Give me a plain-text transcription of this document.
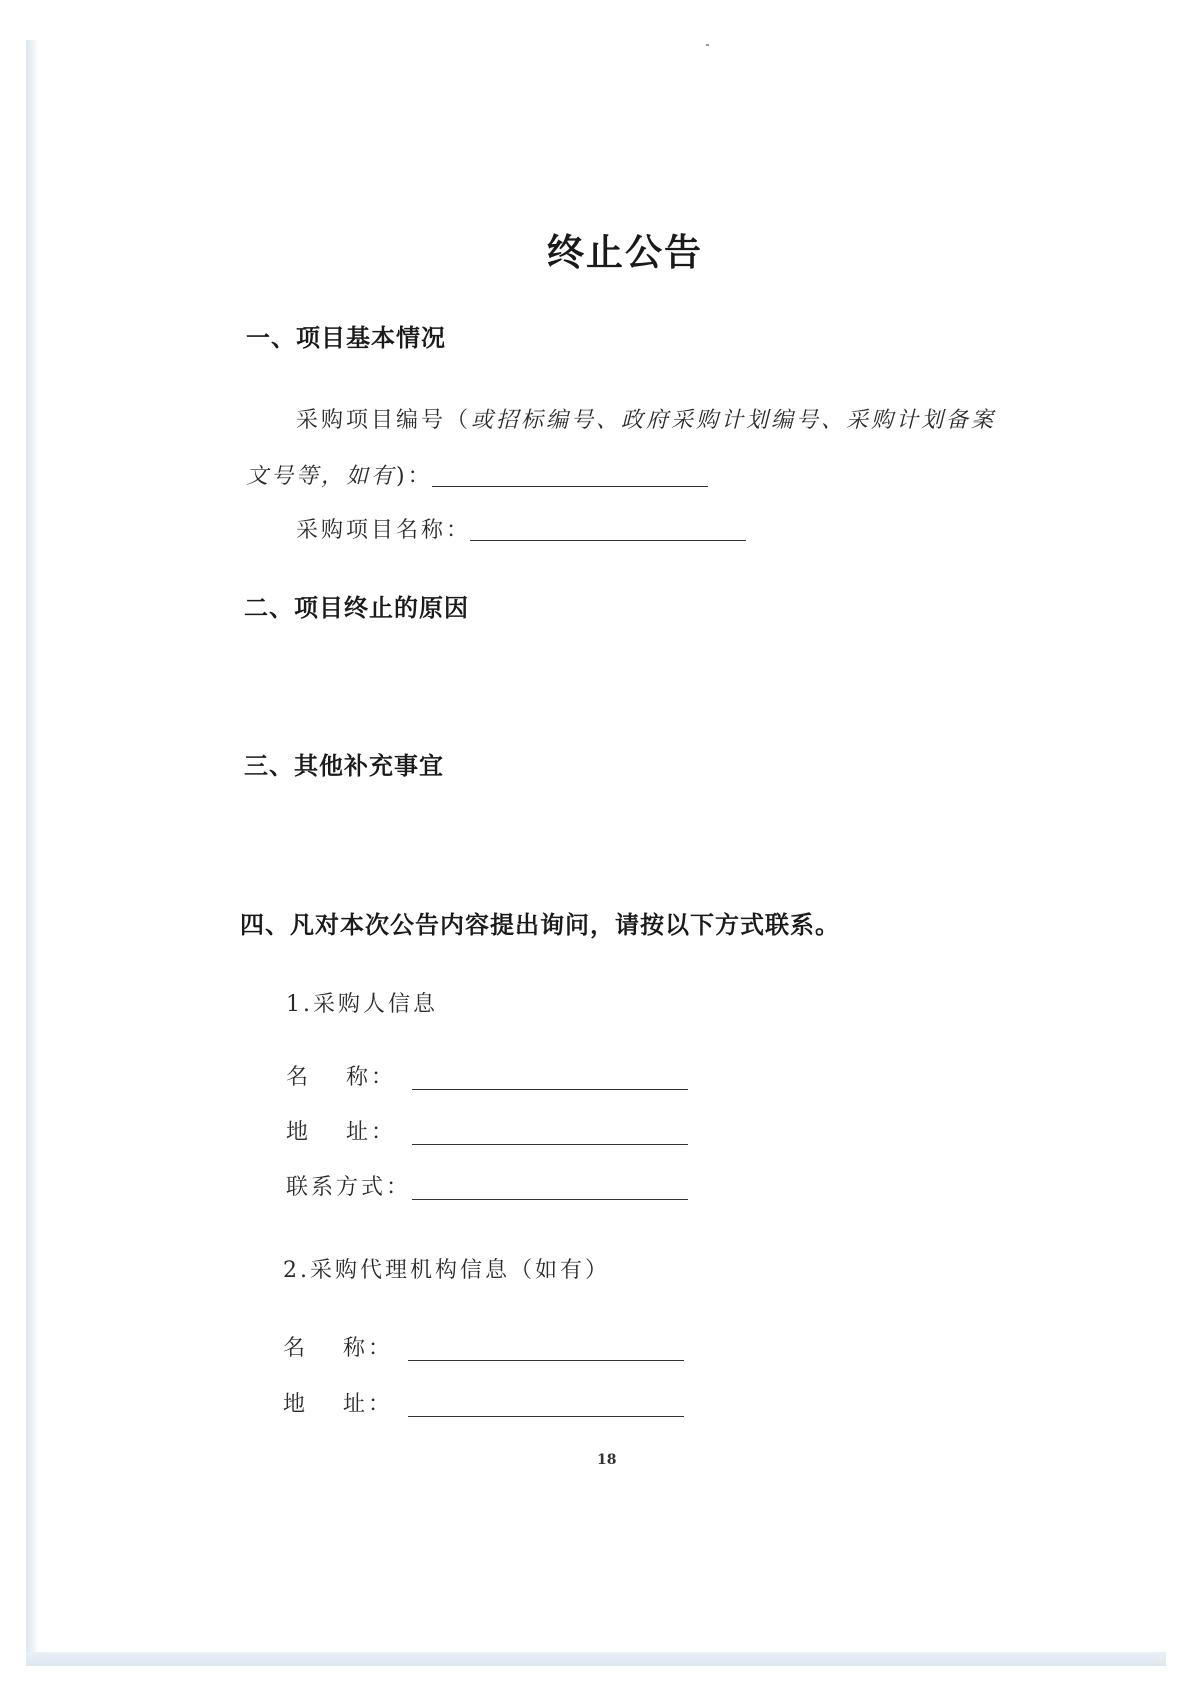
终止公告
一、项目基本情况
采购项目编号（或招标编号、政府采购计划编号、采购计划备案
文号等，如有)：
采购项目名称：
二、项目终止的原因
三、其他补充事宜
四、凡对本次公告内容提出询问，请按以下方式联系。
1.采购人信息
名 称：
地 址：
联系方式：
2.采购代理机构信息（如有）
名 称：
地 址：
18
